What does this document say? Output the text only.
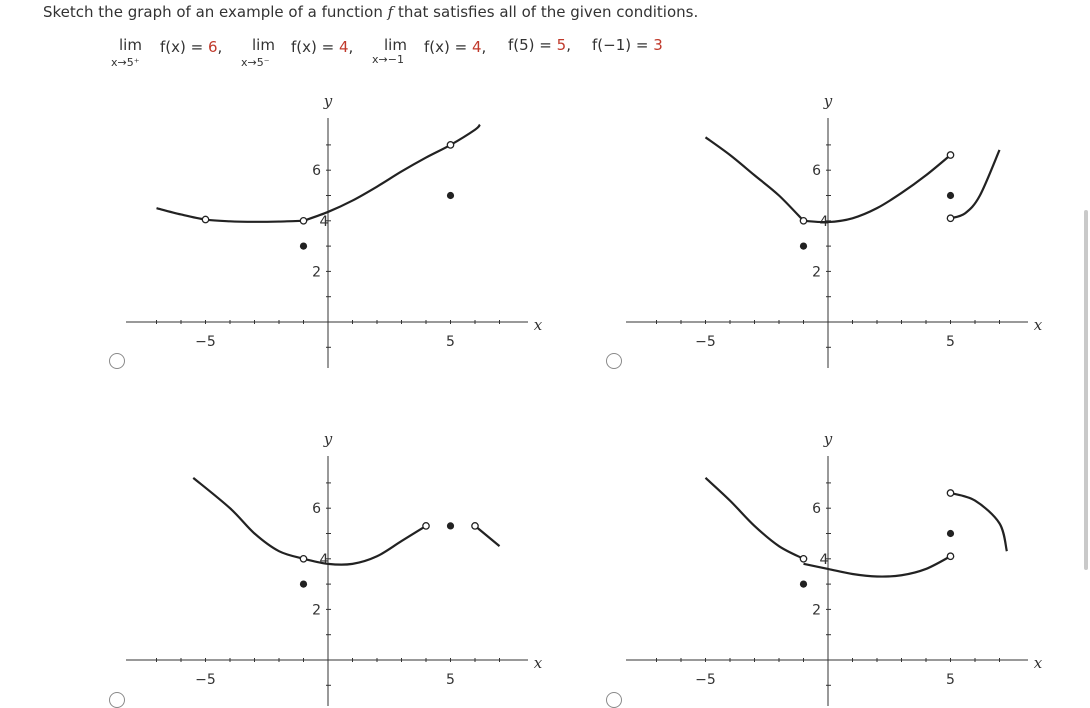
Sketch the graph of an example of a function f that satisfies all of the given conditions.

lim f(x) = 6,
x→5⁺
lim f(x) = 4,
x→5⁻
lim f(x) = 4,
x→−1
f(5) = 5, f(−1) = 3
−5	5
6
2
4
x
y
−5	5
6
2
4
x
y
−5	5
6
2
4
x
y
−5	5
6
2
4
x
y
